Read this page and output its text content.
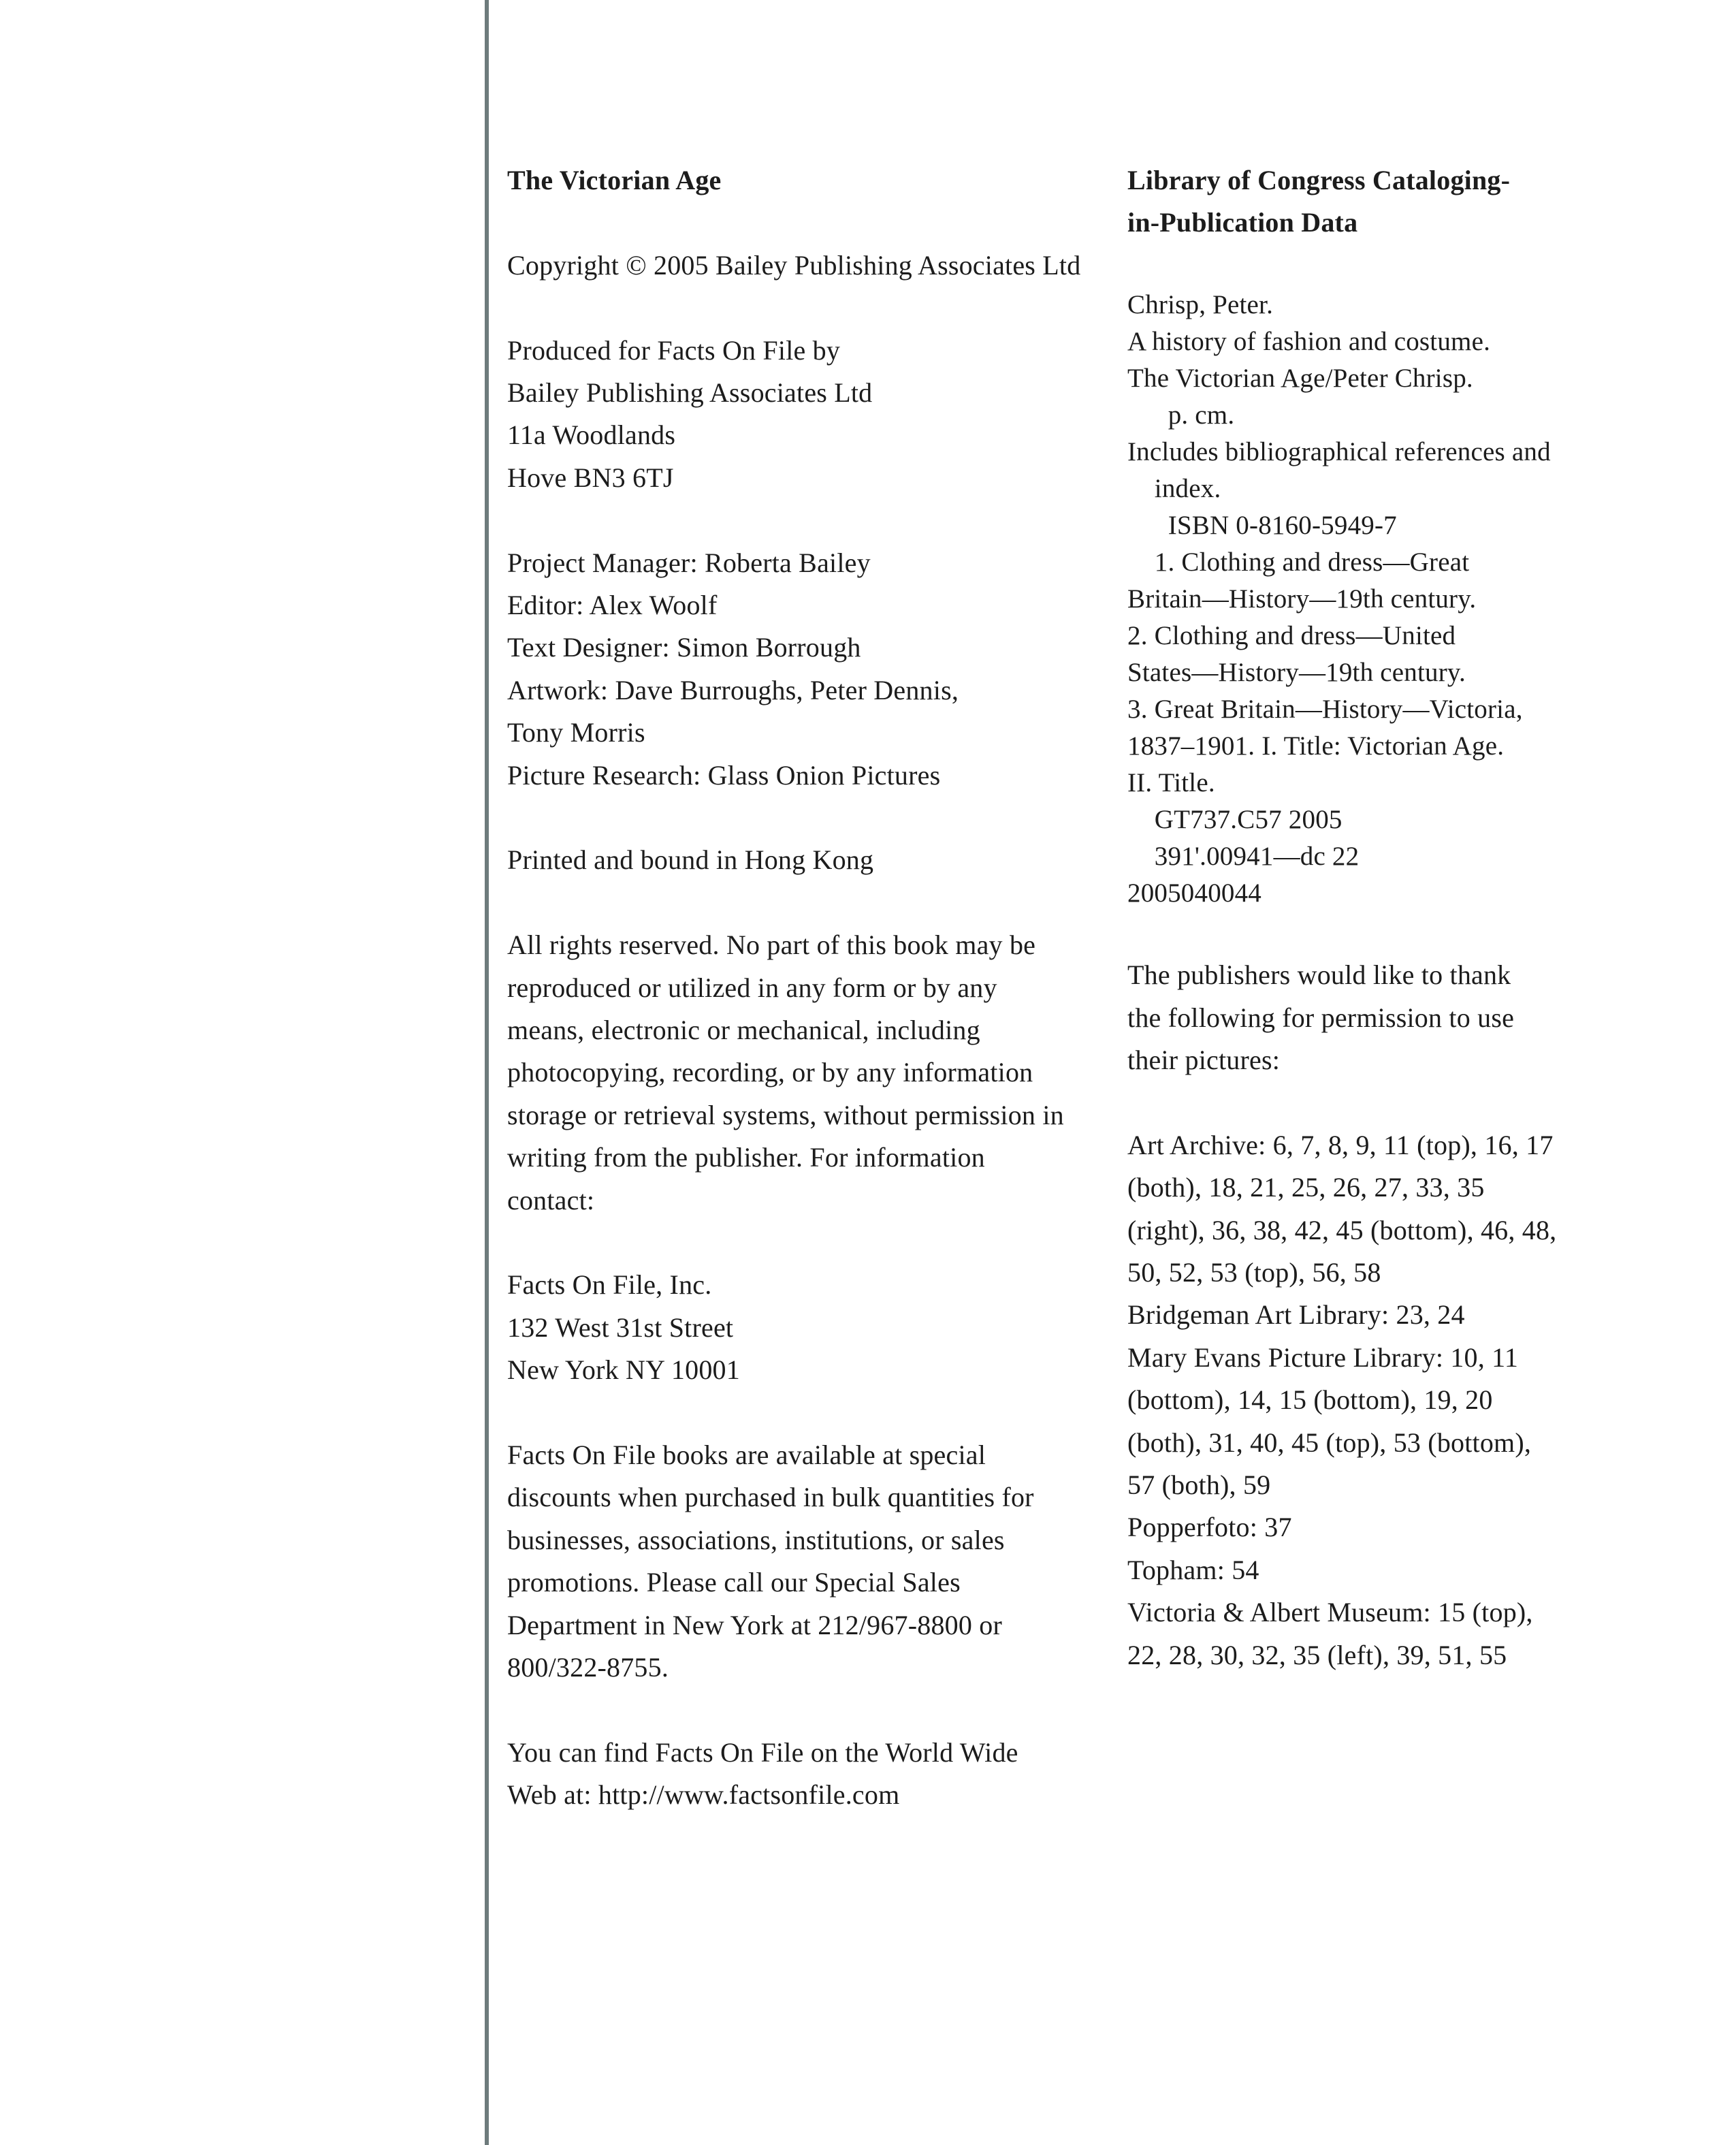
The Victorian Age
Copyright © 2005 Bailey Publishing Associates Ltd
Produced for Facts On File by
Bailey Publishing Associates Ltd
11a Woodlands
Hove BN3 6TJ
Project Manager: Roberta Bailey
Editor: Alex Woolf
Text Designer: Simon Borrough
Artwork: Dave Burroughs, Peter Dennis,
Tony Morris
Picture Research: Glass Onion Pictures
Printed and bound in Hong Kong
All rights reserved. No part of this book may be
reproduced or utilized in any form or by any
means, electronic or mechanical, including
photocopying, recording, or by any information
storage or retrieval systems, without permission in
writing from the publisher. For information
contact:
Facts On File, Inc.
132 West 31st Street
New York NY 10001
Facts On File books are available at special
discounts when purchased in bulk quantities for
businesses, associations, institutions, or sales
promotions. Please call our Special Sales
Department in New York at 212/967-8800 or
800/322-8755.
You can find Facts On File on the World Wide
Web at: http://www.factsonfile.com
Library of Congress Cataloging-
in-Publication Data
Chrisp, Peter.
A history of fashion and costume.
The Victorian Age/Peter Chrisp.
p. cm.
Includes bibliographical references and
index.
ISBN 0-8160-5949-7
1. Clothing and dress—Great
Britain—History—19th century.
2. Clothing and dress—United
States—History—19th century.
3. Great Britain—History—Victoria,
1837–1901. I. Title: Victorian Age.
II. Title.
GT737.C57 2005
391'.00941—dc 22
2005040044
The publishers would like to thank
the following for permission to use
their pictures:
Art Archive: 6, 7, 8, 9, 11 (top), 16, 17
(both), 18, 21, 25, 26, 27, 33, 35
(right), 36, 38, 42, 45 (bottom), 46, 48,
50, 52, 53 (top), 56, 58
Bridgeman Art Library: 23, 24
Mary Evans Picture Library: 10, 11
(bottom), 14, 15 (bottom), 19, 20
(both), 31, 40, 45 (top), 53 (bottom),
57 (both), 59
Popperfoto: 37
Topham: 54
Victoria & Albert Museum: 15 (top),
22, 28, 30, 32, 35 (left), 39, 51, 55
